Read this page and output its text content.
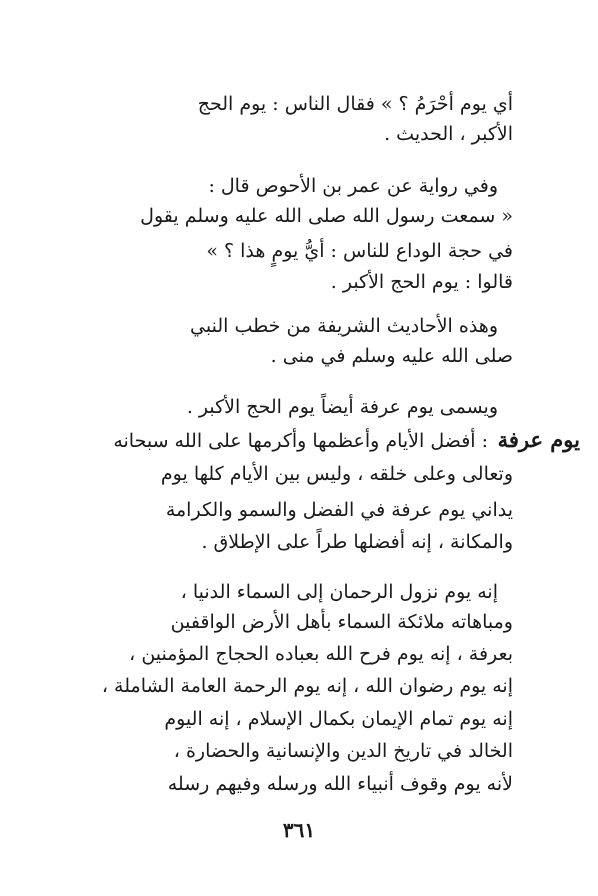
أي يوم أحْرَمُ ؟ » فقال الناس : يوم الحج
الأكبر ، الحديث .
وفي رواية عن عمر بن الأحوص قال :
« سمعت رسول الله صلى الله عليه وسلم يقول
في حجة الوداع للناس : أيُّ يومٍ هذا ؟ »
قالوا : يوم الحج الأكبر .
وهذه الأحاديث الشريفة من خطب النبي
صلى الله عليه وسلم في منى .
ويسمى يوم عرفة أيضاً يوم الحج الأكبر .
يوم عرفة
: أفضل الأيام وأعظمها وأكرمها على الله سبحانه
وتعالى وعلى خلقه ، وليس بين الأيام كلها يوم
يداني يوم عرفة في الفضل والسمو والكرامة
والمكانة ، إنه أفضلها طراً على الإطلاق .
إنه يوم نزول الرحمان إلى السماء الدنيا ،
ومباهاته ملائكة السماء بأهل الأرض الواقفين
بعرفة ، إنه يوم فرح الله بعباده الحجاج المؤمنين ،
إنه يوم رضوان الله ، إنه يوم الرحمة العامة الشاملة ،
إنه يوم تمام الإيمان بكمال الإسلام ، إنه اليوم
الخالد في تاريخ الدين والإنسانية والحضارة ،
لأنه يوم وقوف أنبياء الله ورسله وفيهم رسله
٣٦١
